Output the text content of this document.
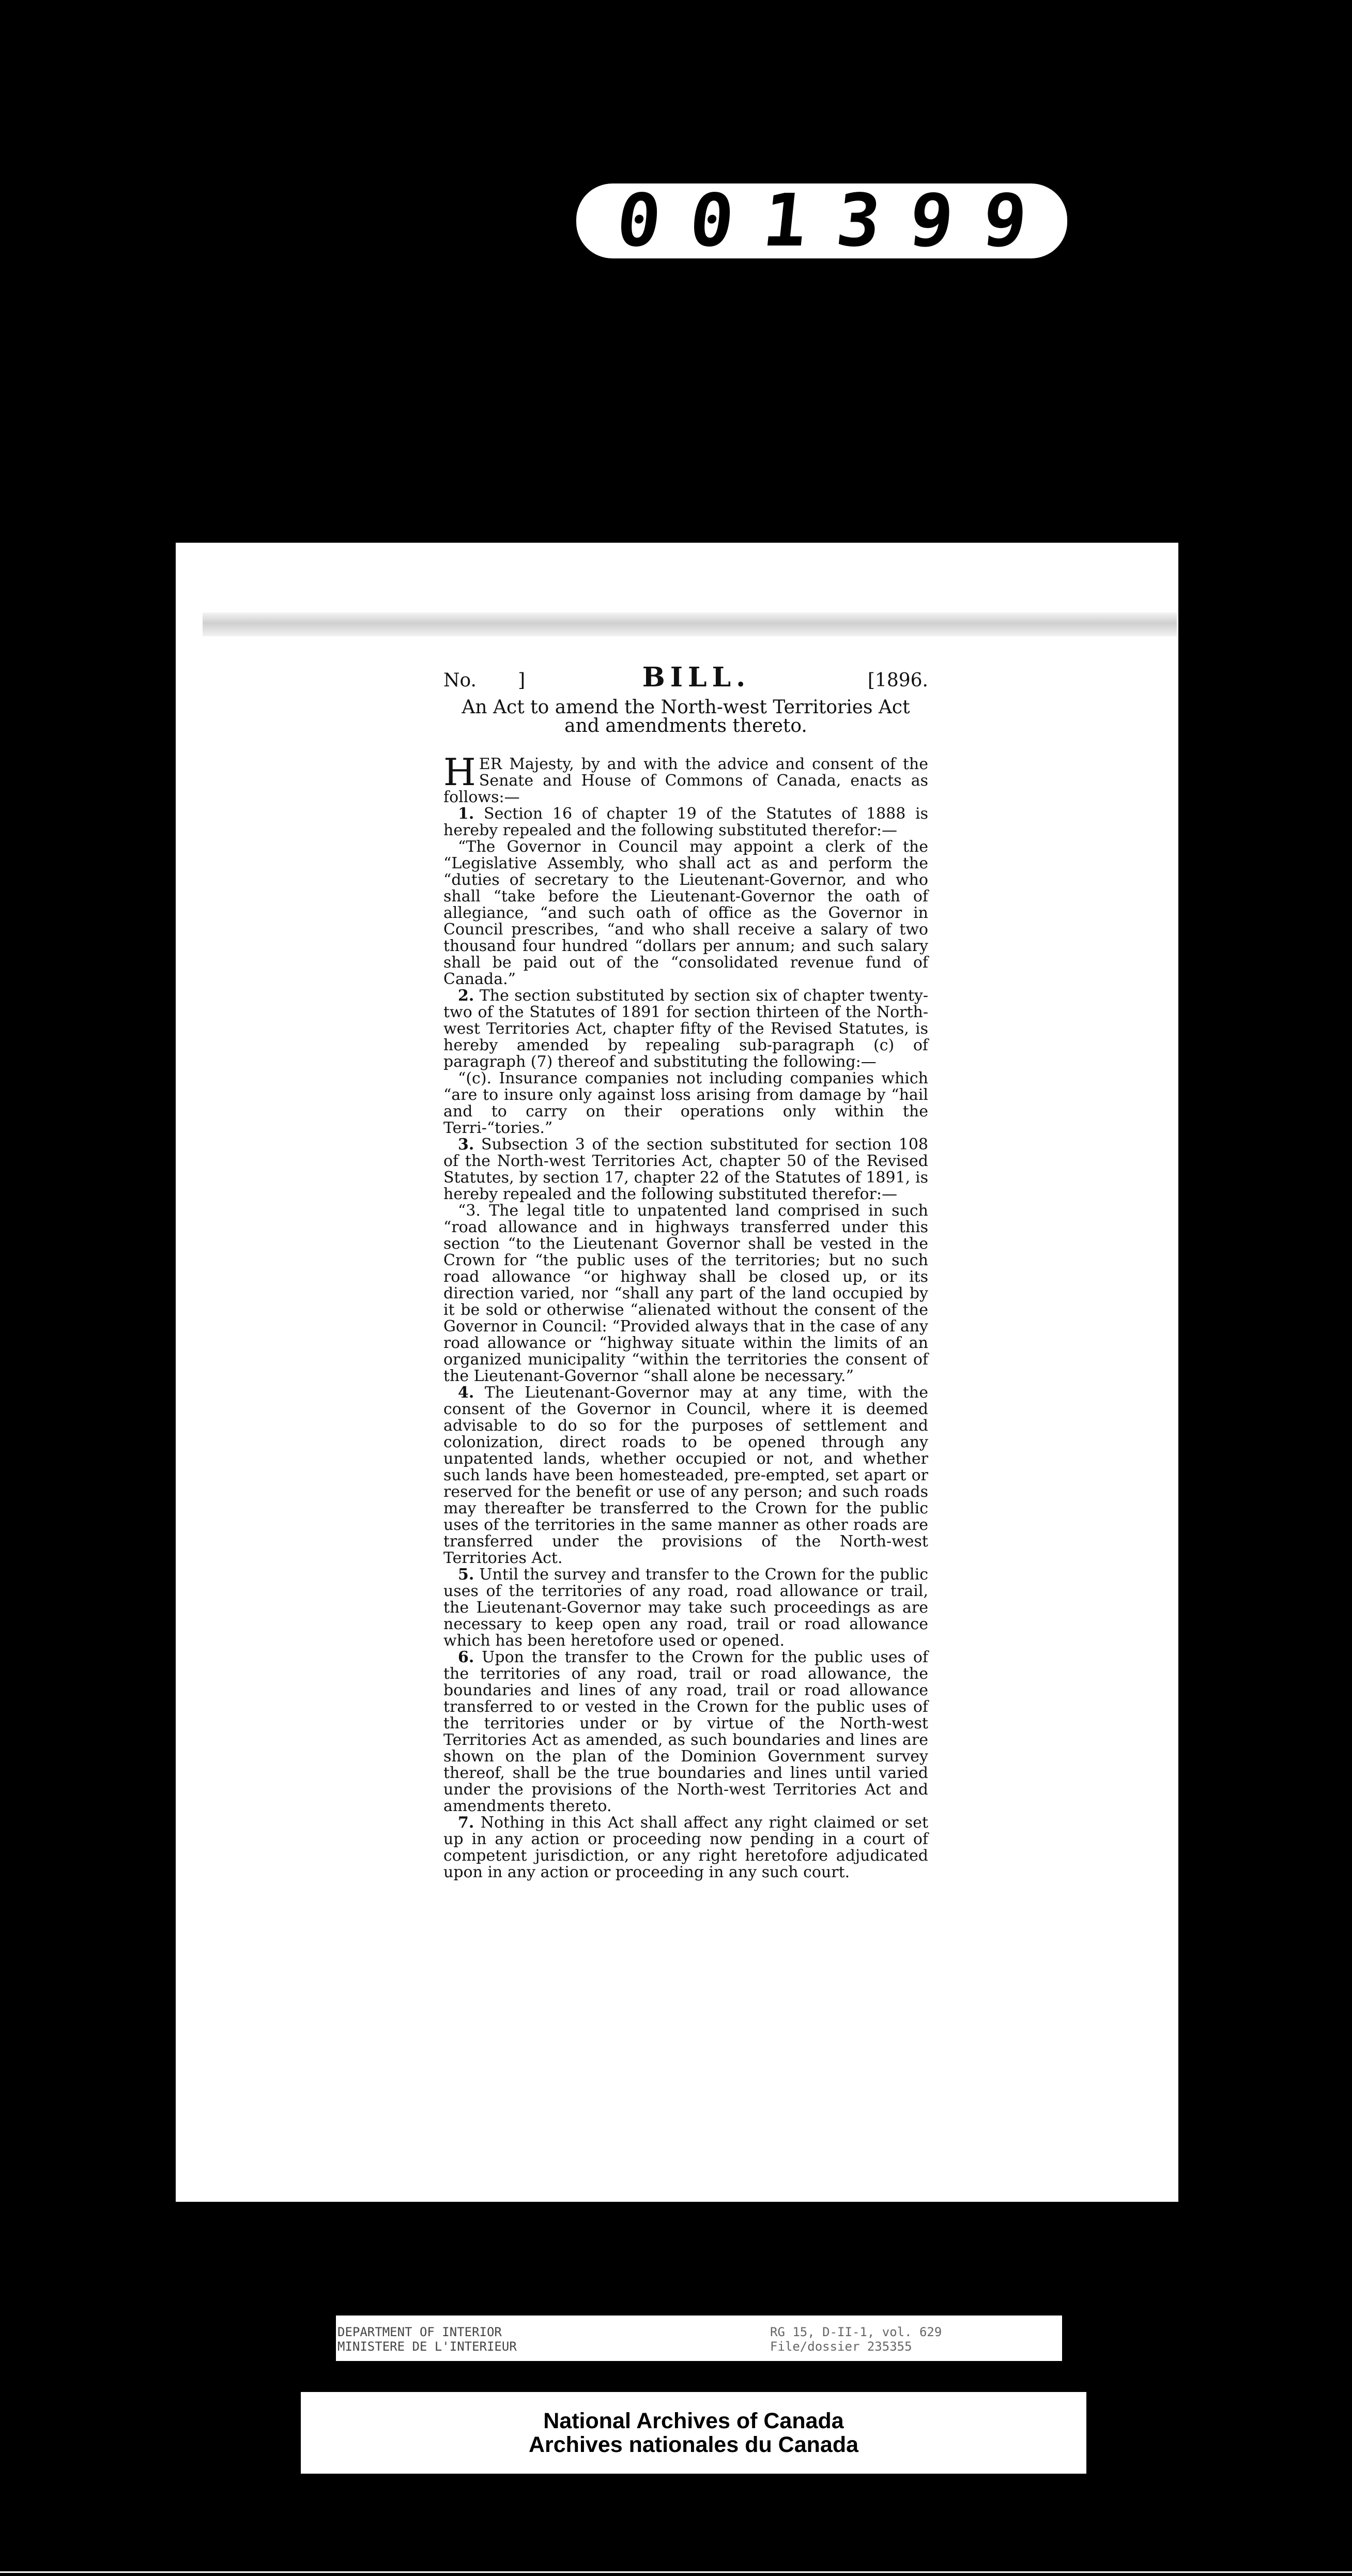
0 0 1 3 9 9
No. ]	BILL.	[1896.
An Act to amend the North-west Territories Act and amendments thereto.

HER Majesty, by and with the advice and consent of the Senate and House of Commons of Canada, enacts as follows:—

1. Section 16 of chapter 19 of the Statutes of 1888 is hereby repealed and the following substituted therefor:—

“The Governor in Council may appoint a clerk of the “Legislative Assembly, who shall act as and perform the “duties of secretary to the Lieutenant-Governor, and who shall “take before the Lieutenant-Governor the oath of allegiance, “and such oath of office as the Governor in Council prescribes, “and who shall receive a salary of two thousand four hundred “dollars per annum; and such salary shall be paid out of the “consolidated revenue fund of Canada.”

2. The section substituted by section six of chapter twenty-two of the Statutes of 1891 for section thirteen of the North-west Territories Act, chapter fifty of the Revised Statutes, is hereby amended by repealing sub-paragraph (c) of paragraph (7) thereof and substituting the following:—

“(c). Insurance companies not including companies which “are to insure only against loss arising from damage by “hail and to carry on their operations only within the Terri-“tories.”

3. Subsection 3 of the section substituted for section 108 of the North-west Territories Act, chapter 50 of the Revised Statutes, by section 17, chapter 22 of the Statutes of 1891, is hereby repealed and the following substituted therefor:—

“3. The legal title to unpatented land comprised in such “road allowance and in highways transferred under this section “to the Lieutenant Governor shall be vested in the Crown for “the public uses of the territories; but no such road allowance “or highway shall be closed up, or its direction varied, nor “shall any part of the land occupied by it be sold or otherwise “alienated without the consent of the Governor in Council: “Provided always that in the case of any road allowance or “highway situate within the limits of an organized municipality “within the territories the consent of the Lieutenant-Governor “shall alone be necessary.”

4. The Lieutenant-Governor may at any time, with the consent of the Governor in Council, where it is deemed advisable to do so for the purposes of settlement and colonization, direct roads to be opened through any unpatented lands, whether occupied or not, and whether such lands have been homesteaded, pre-empted, set apart or reserved for the benefit or use of any person; and such roads may thereafter be transferred to the Crown for the public uses of the territories in the same manner as other roads are transferred under the provisions of the North-west Territories Act.

5. Until the survey and transfer to the Crown for the public uses of the territories of any road, road allowance or trail, the Lieutenant-Governor may take such proceedings as are necessary to keep open any road, trail or road allowance which has been heretofore used or opened.

6. Upon the transfer to the Crown for the public uses of the territories of any road, trail or road allowance, the boundaries and lines of any road, trail or road allowance transferred to or vested in the Crown for the public uses of the territories under or by virtue of the North-west Territories Act as amended, as such boundaries and lines are shown on the plan of the Dominion Government survey thereof, shall be the true boundaries and lines until varied under the provisions of the North-west Territories Act and amendments thereto.

7. Nothing in this Act shall affect any right claimed or set up in any action or proceeding now pending in a court of competent jurisdiction, or any right heretofore adjudicated upon in any action or proceeding in any such court.

DEPARTMENT OF INTERIOR
MINISTERE DE L'INTERIEUR
RG 15, D-II-1, vol. 629
File/dossier 235355
National Archives of Canada
Archives nationales du Canada
